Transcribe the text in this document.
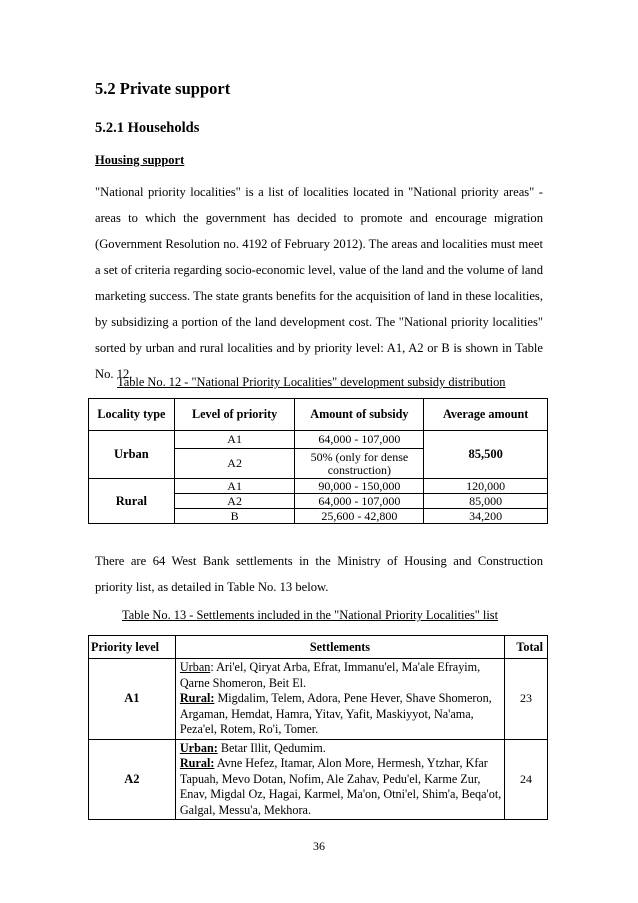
5.2 Private support
5.2.1 Households
Housing support

"National priority localities" is a list of localities located in "National priority areas" - areas to which the government has decided to promote and encourage migration (Government Resolution no. 4192 of February 2012). The areas and localities must meet a set of criteria regarding socio-economic level, value of the land and the volume of land marketing success. The state grants benefits for the acquisition of land in these localities, by subsidizing a portion of the land development cost. The "National priority localities" sorted by urban and rural localities and by priority level: A1, A2 or B is shown in Table No. 12.

Table No. 12 - "National Priority Localities" development subsidy distribution
Locality type	Level of priority	Amount of subsidy	Average amount
Urban	A1	64,000 - 107,000	85,500
	A2	50% (only for dense construction)	
Rural	A1	90,000 - 150,000	120,000
	A2	64,000 - 107,000	85,000
	B	25,600 - 42,800	34,200

There are 64 West Bank settlements in the Ministry of Housing and Construction priority list, as detailed in Table No. 13 below.

Table No. 13 - Settlements included in the "National Priority Localities" list
Priority level	Settlements	Total
A1	Urban: Ari'el, Qiryat Arba, Efrat, Immanu'el, Ma'ale Efrayim, Qarne Shomeron, Beit El.
Rural: Migdalim, Telem, Adora, Pene Hever, Shave Shomeron, Argaman, Hemdat, Hamra, Yitav, Yafit, Maskiyyot, Na'ama, Peza'el, Rotem, Ro'i, Tomer.	23
A2	Urban: Betar Illit, Qedumim.
Rural: Avne Hefez, Itamar, Alon More, Hermesh, Ytzhar, Kfar Tapuah, Mevo Dotan, Nofim, Ale Zahav, Pedu'el, Karme Zur, Enav, Migdal Oz, Hagai, Karmel, Ma'on, Otni'el, Shim'a, Beqa'ot, Galgal, Messu'a, Mekhora.	24
36
